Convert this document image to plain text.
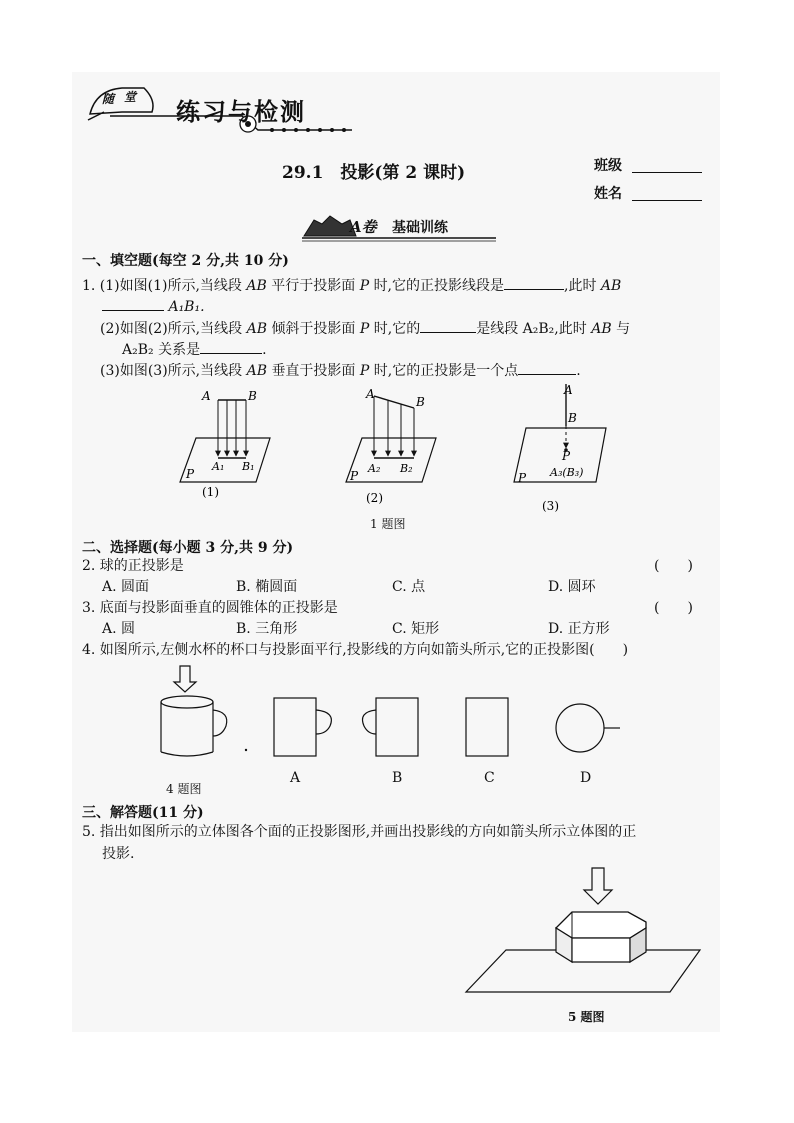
随 堂
练习与检测
29.1　投影(第 2 课时)	班级
姓名
A卷 基础训练
一、填空题(每空 2 分,共 10 分)
1. (1)如图(1)所示,当线段 AB 平行于投影面 P 时,它的正投影线段是	,此时 AB
A₁B₁.
(2)如图(2)所示,当线段 AB 倾斜于投影面 P 时,它的	是线段 A₂B₂,此时 AB 与
A₂B₂ 关系是	.
(3)如图(3)所示,当线段 AB 垂直于投影面 P 时,它的正投影是一个点	.
A	B
A₁ B₁
P
(1)
A
B
A₂ B₂
P
(2)
A
B
P
A₃(B₃)
P
(3)
1 题图
二、选择题(每小题 3 分,共 9 分)
2. 球的正投影是	(　　)
A. 圆面	B. 椭圆面	C. 点	D. 圆环
3. 底面与投影面垂直的圆锥体的正投影是	(　　)
A. 圆	B. 三角形	C. 矩形	D. 正方形
4. 如图所示,左侧水杯的杯口与投影面平行,投影线的方向如箭头所示,它的正投影图(　　)
4 题图
A	B	C	D
三、解答题(11 分)
5. 指出如图所示的立体图各个面的正投影图形,并画出投影线的方向如箭头所示立体图的正
投影.
5 题图
